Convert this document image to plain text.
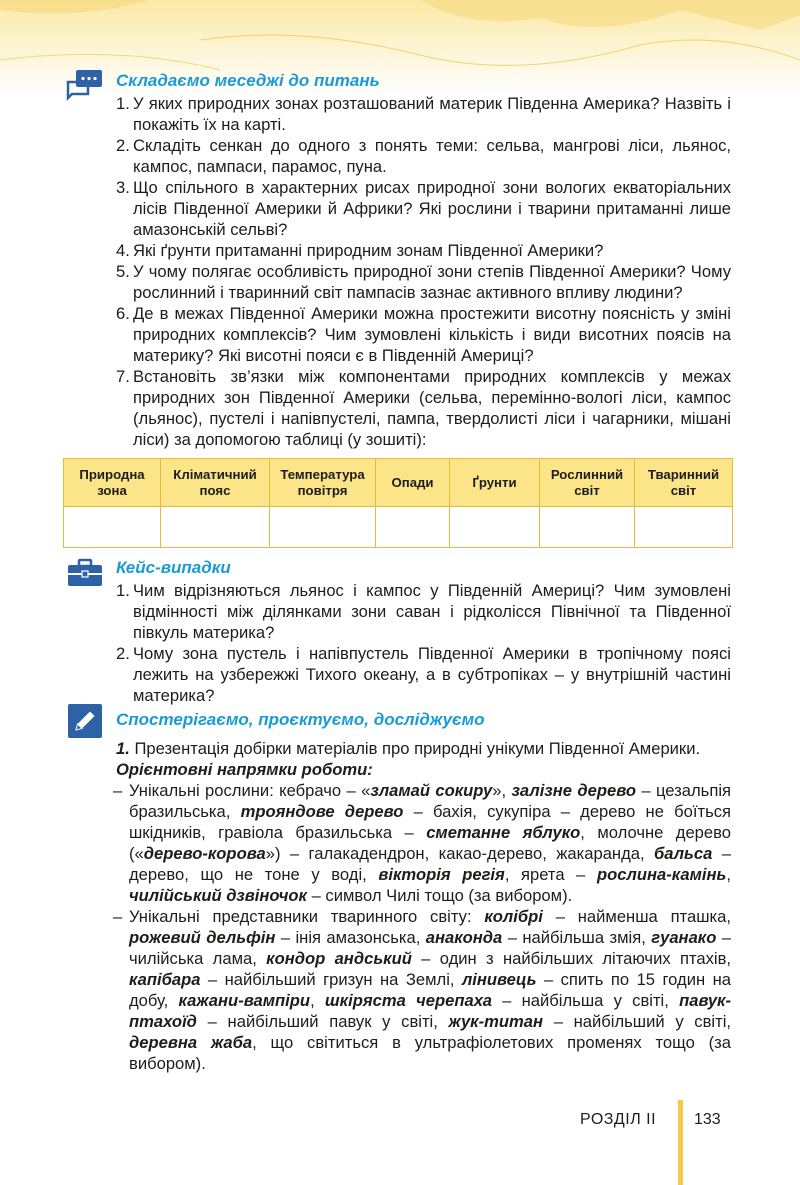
Складаємо меседжі до питань
1. У яких природних зонах розташований материк Південна Америка? Назвіть і покажіть їх на карті.
2. Складіть сенкан до одного з понять теми: сельва, мангрові ліси, льянос, кампос, пампаси, парамос, пуна.
3. Що спільного в характерних рисах природної зони вологих екваторіальних лісів Південної Америки й Африки? Які рослини і тварини притаманні лише амазонській сельві?
4. Які ґрунти притаманні природним зонам Південної Америки?
5. У чому полягає особливість природної зони степів Південної Америки? Чому рослинний і тваринний світ пампасів зазнає активного впливу людини?
6. Де в межах Південної Америки можна простежити висотну поясність у зміні природних комплексів? Чим зумовлені кількість і види висотних поясів на материку? Які висотні пояси є в Південній Америці?
7. Встановіть зв’язки між компонентами природних комплексів у межах природних зон Південної Америки (сельва, перемінно-вологі ліси, кампос (льянос), пустелі і напівпустелі, пампа, твердолисті ліси і чагарники, мішані ліси) за допомогою таблиці (у зошиті):
Природна зона	Кліматичний пояс	Температура повітря	Опади	Ґрунти	Рослинний світ	Тваринний світ

Кейс-випадки
1. Чим відрізняються льянос і кампос у Південній Америці? Чим зумовлені відмінності між ділянками зони саван і рідколісся Північної та Південної півкуль материка?
2. Чому зона пустель і напівпустель Південної Америки в тропічному поясі лежить на узбережжі Тихого океану, а в субтропіках – у внутрішній частині материка?
Спостерігаємо, проєктуємо, досліджуємо

1. Презентація добірки матеріалів про природні унікуми Південної Америки.

Орієнтовні напрямки роботи:

– Унікальні рослини: кебрачо – «зламай сокиру», залізне дерево – цезальпія бразильська, трояндове дерево – бахія, сукупіра – дерево не боїться шкідників, гравіола бразильська – сметанне яблуко, молочне дерево («дерево-корова») – галакадендрон, какао-дерево, жакаранда, бальса – дерево, що не тоне у воді, вікторія регія, ярета – рослина-камінь, чилійський дзвіночок – символ Чилі тощо (за вибором).

– Унікальні представники тваринного світу: колібрі – найменша пташка, рожевий дельфін – інія амазонська, анаконда – найбільша змія, гуанако – чилійська лама, кондор андський – один з найбільших літаючих птахів, капібара – найбільший гризун на Землі, лінивець – спить по 15 годин на добу, кажани-вампіри, шкіряста черепаха – найбільша у світі, павук-птахоїд – найбільший павук у світі, жук-титан – найбільший у світі, деревна жаба, що світиться в ультрафіолетових променях тощо (за вибором).

РОЗДІЛ II 133
